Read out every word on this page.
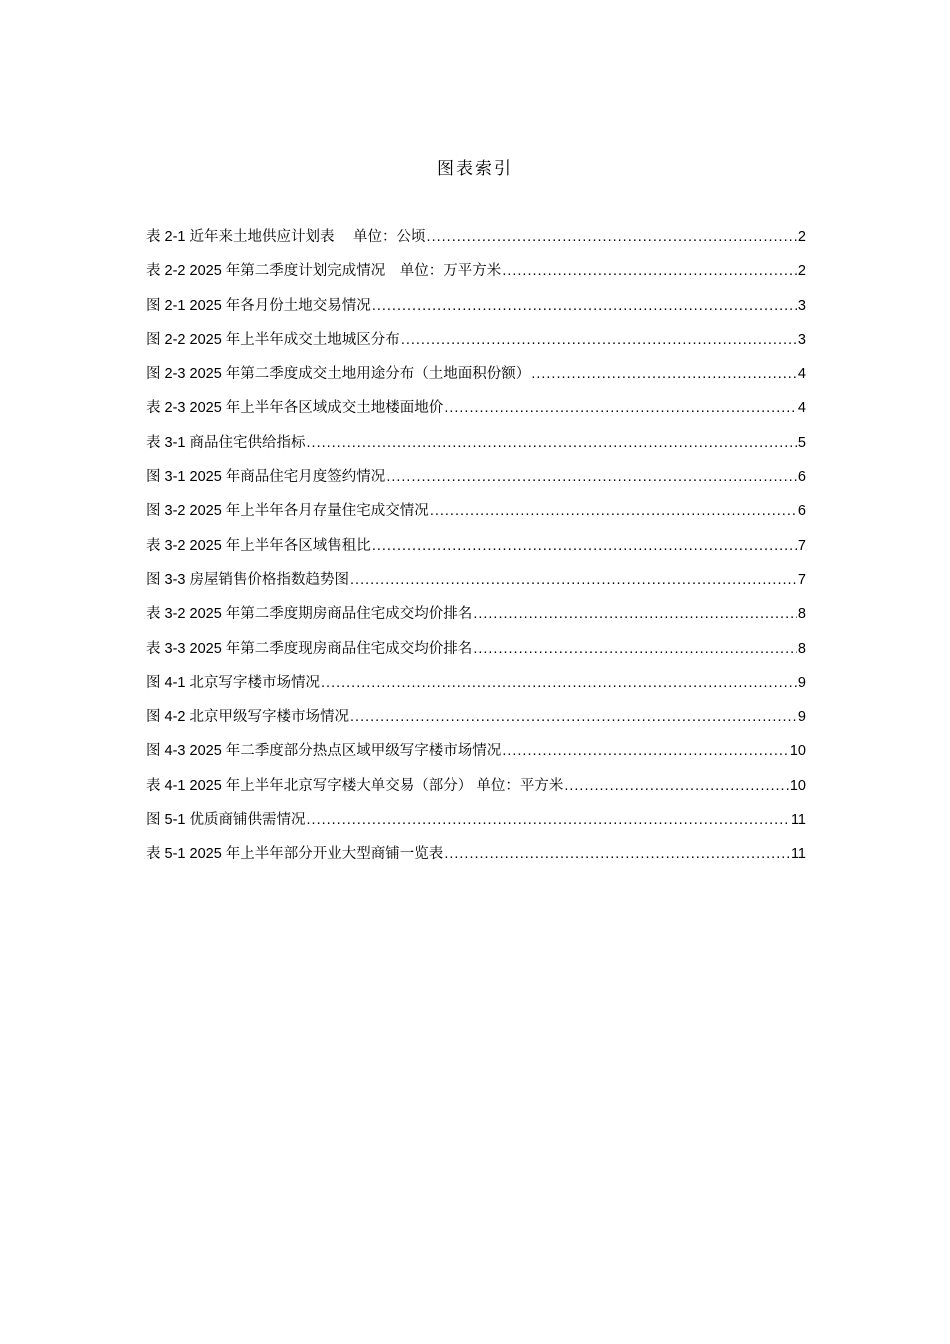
图表索引
表 2-1 近年来土地供应计划表　 单位：公顷 .....	2
表 2-2 2025 年第二季度计划完成情况　单位：万平方米 .....	2
图 2-1 2025 年各月份土地交易情况 .....	3
图 2-2 2025 年上半年成交土地城区分布 .....	3
图 2-3 2025 年第二季度成交土地用途分布（土地面积份额） .....	4
表 2-3 2025 年上半年各区域成交土地楼面地价 .....	4
表 3-1 商品住宅供给指标 .....	5
图 3-1 2025 年商品住宅月度签约情况 .....	6
图 3-2 2025 年上半年各月存量住宅成交情况 .....	6
表 3-2 2025 年上半年各区域售租比 .....	7
图 3-3 房屋销售价格指数趋势图 .....	7
表 3-2 2025 年第二季度期房商品住宅成交均价排名 .....	8
表 3-3 2025 年第二季度现房商品住宅成交均价排名 .....	8
图 4-1 北京写字楼市场情况 .....	9
图 4-2 北京甲级写字楼市场情况 .....	9
图 4-3 2025 年二季度部分热点区域甲级写字楼市场情况 .....	10
表 4-1 2025 年上半年北京写字楼大单交易（部分） 单位：平方米 .....	10
图 5-1 优质商铺供需情况 .....	11
表 5-1 2025 年上半年部分开业大型商铺一览表 .....	11
